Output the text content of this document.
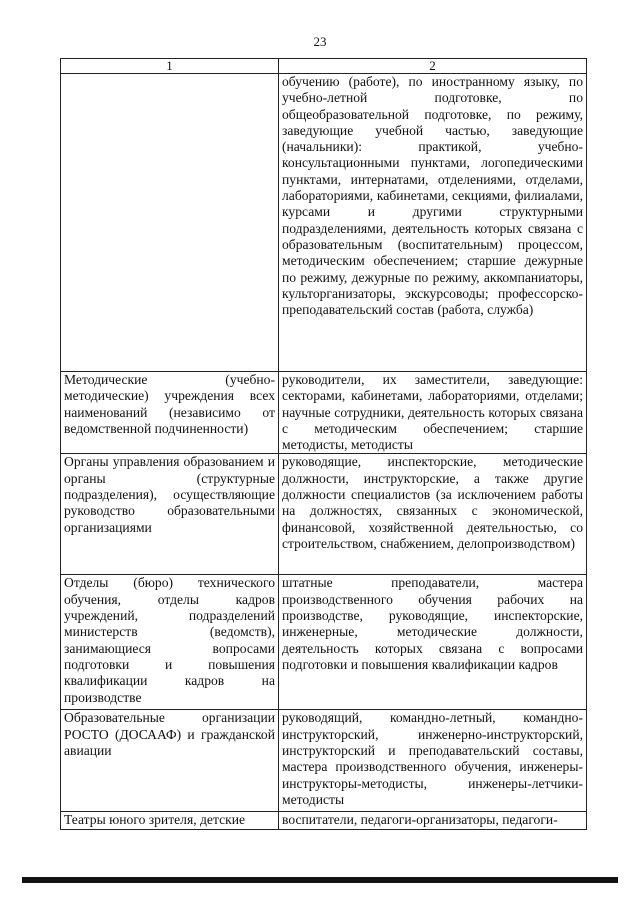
23
1	2
	обучению (работе), по иностранному языку, по учебно-летной подготовке, по общеобразовательной подготовке, по режиму, заведующие учебной частью, заведующие (начальники): практикой, учебно-консультационными пунктами, логопедическими пунктами, интернатами, отделениями, отделами, лабораториями, кабинетами, секциями, филиалами, курсами и другими структурными подразделениями, деятельность которых связана с образовательным (воспитательным) процессом, методическим обеспечением; старшие дежурные по режиму, дежурные по режиму, аккомпаниаторы, культорганизаторы, экскурсоводы; профессорско-преподавательский состав (работа, служба)
Методические (учебно-методические) учреждения всех наименований (независимо от ведомственной подчиненности)	руководители, их заместители, заведующие: секторами, кабинетами, лабораториями, отделами; научные сотрудники, деятельность которых связана с методическим обеспечением; старшие методисты, методисты
Органы управления образованием и органы (структурные подразделения), осуществляющие руководство образовательными организациями	руководящие, инспекторские, методические должности, инструкторские, а также другие должности специалистов (за исключением работы на должностях, связанных с экономической, финансовой, хозяйственной деятельностью, со строительством, снабжением, делопроизводством)
Отделы (бюро) технического обучения, отделы кадров учреждений, подразделений министерств (ведомств), занимающиеся вопросами подготовки и повышения квалификации кадров на производстве	штатные преподаватели, мастера производственного обучения рабочих на производстве, руководящие, инспекторские, инженерные, методические должности, деятельность которых связана с вопросами подготовки и повышения квалификации кадров
Образовательные организации РОСТО (ДОСААФ) и гражданской авиации	руководящий, командно-летный, командно-инструкторский, инженерно-инструкторский, инструкторский и преподавательский составы, мастера производственного обучения, инженеры-инструкторы-методисты, инженеры-летчики-методисты
Театры юного зрителя, детские	воспитатели, педагоги-организаторы, педагоги-
